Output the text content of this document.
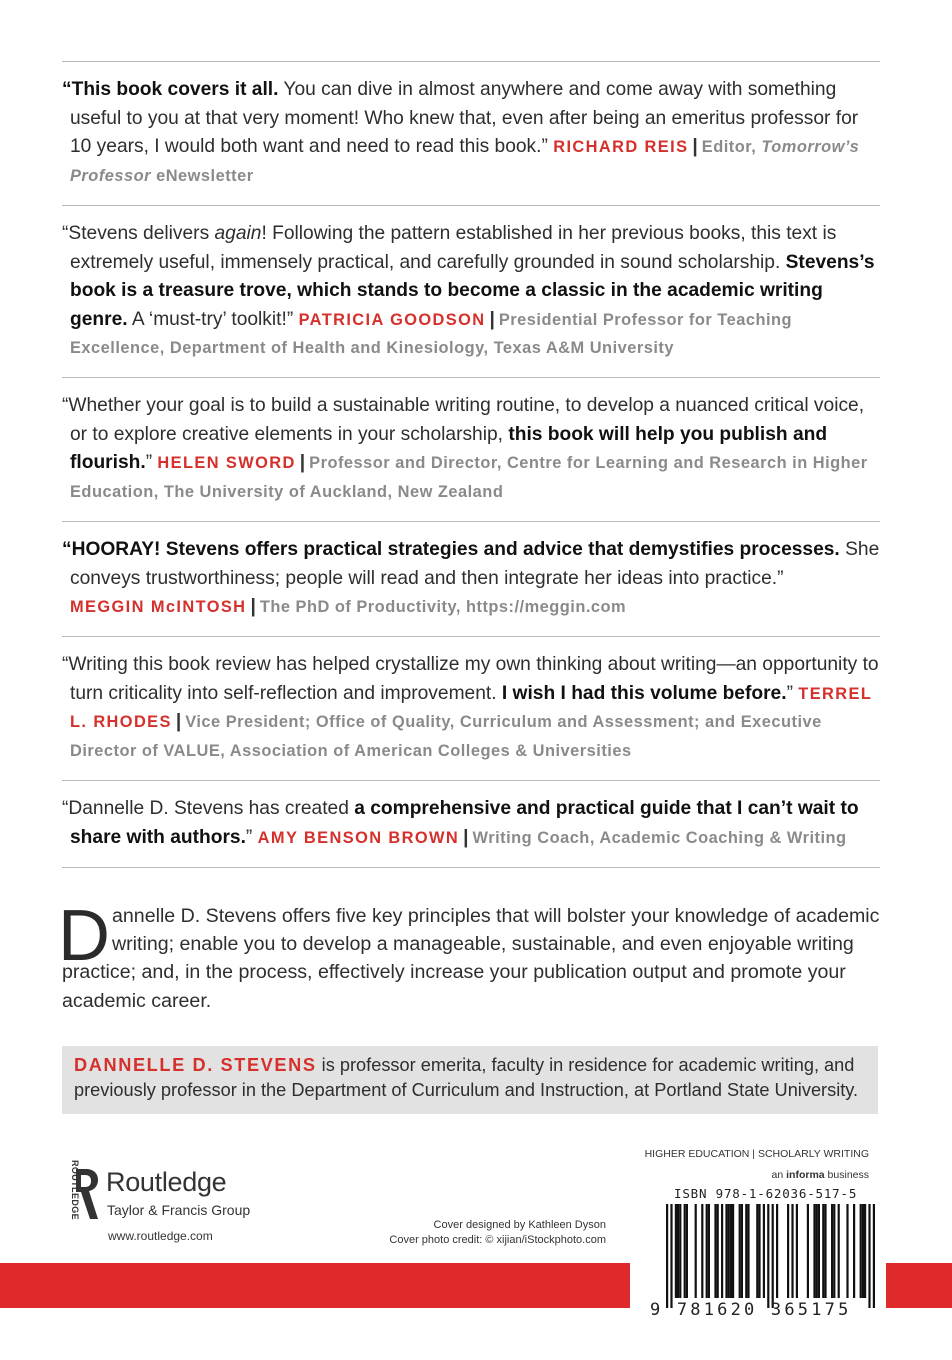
“This book covers it all. You can dive in almost anywhere and come away with something useful to you at that very moment! Who knew that, even after being an emeritus professor for 10 years, I would both want and need to read this book.” RICHARD REIS | Editor, Tomorrow’s Professor eNewsletter
“Stevens delivers again! Following the pattern established in her previous books, this text is extremely useful, immensely practical, and carefully grounded in sound scholarship. Stevens’s book is a treasure trove, which stands to become a classic in the academic writing genre. A ‘must-try’ toolkit!” PATRICIA GOODSON | Presidential Professor for Teaching Excellence, Department of Health and Kinesiology, Texas A&M University
“Whether your goal is to build a sustainable writing routine, to develop a nuanced critical voice, or to explore creative elements in your scholarship, this book will help you publish and flourish.” HELEN SWORD | Professor and Director, Centre for Learning and Research in Higher Education, The University of Auckland, New Zealand
“HOORAY! Stevens offers practical strategies and advice that demystifies processes. She conveys trustworthiness; people will read and then integrate her ideas into practice.”
MEGGIN McINTOSH | The PhD of Productivity, https://meggin.com
“Writing this book review has helped crystallize my own thinking about writing—an opportunity to turn criticality into self-reflection and improvement. I wish I had this volume before.” TERREL L. RHODES | Vice President; Office of Quality, Curriculum and Assessment; and Executive Director of VALUE, Association of American Colleges & Universities
“Dannelle D. Stevens has created a comprehensive and practical guide that I can’t wait to share with authors.” AMY BENSON BROWN | Writing Coach, Academic Coaching & Writing
Dannelle D. Stevens offers five key principles that will bolster your knowledge of academic writing; enable you to develop a manageable, sustainable, and even enjoyable writing practice; and, in the process, effectively increase your publication output and promote your academic career.
DANNELLE D. STEVENS is professor emerita, faculty in residence for academic writing, and previously professor in the Department of Curriculum and Instruction, at Portland State University.
ROUTLEDGE Routledge
Taylor & Francis Group
www.routledge.com
Cover designed by Kathleen Dyson
Cover photo credit: © xijian/iStockphoto.com
HIGHER EDUCATION | SCHOLARLY WRITING
an informa business
ISBN 978-1-62036-517-5
9 781620 365175
